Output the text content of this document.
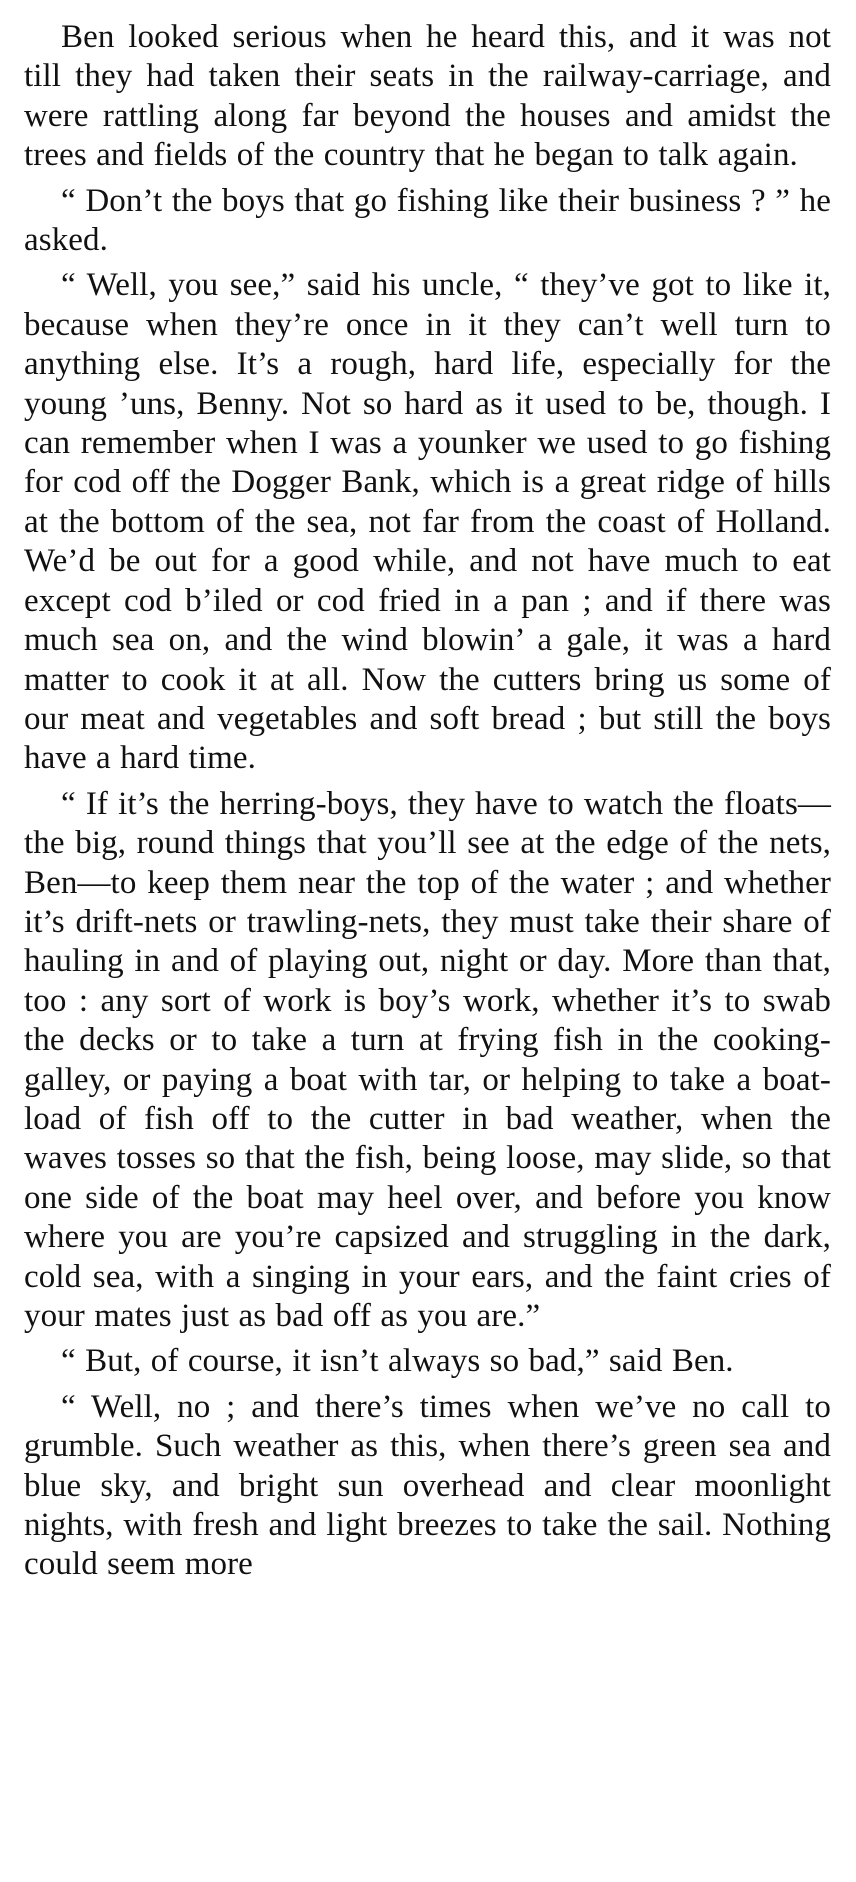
Ben looked serious when he heard this, and it was not till they had taken their seats in the railway-carriage, and were rattling along far beyond the houses and amidst the trees and fields of the country that he began to talk again.

“ Don’t the boys that go fishing like their business ? ” he asked.

“ Well, you see,” said his uncle, “ they’ve got to like it, because when they’re once in it they can’t well turn to anything else. It’s a rough, hard life, especially for the young ’uns, Benny. Not so hard as it used to be, though. I can remember when I was a younker we used to go fishing for cod off the Dogger Bank, which is a great ridge of hills at the bottom of the sea, not far from the coast of Holland. We’d be out for a good while, and not have much to eat except cod b’iled or cod fried in a pan ; and if there was much sea on, and the wind blowin’ a gale, it was a hard matter to cook it at all. Now the cutters bring us some of our meat and vegetables and soft bread ; but still the boys have a hard time.

“ If it’s the herring-boys, they have to watch the floats—the big, round things that you’ll see at the edge of the nets, Ben—to keep them near the top of the water ; and whether it’s drift-nets or trawling-nets, they must take their share of hauling in and of playing out, night or day. More than that, too : any sort of work is boy’s work, whether it’s to swab the decks or to take a turn at frying fish in the cooking-galley, or paying a boat with tar, or helping to take a boat-load of fish off to the cutter in bad weather, when the waves tosses so that the fish, being loose, may slide, so that one side of the boat may heel over, and before you know where you are you’re capsized and struggling in the dark, cold sea, with a singing in your ears, and the faint cries of your mates just as bad off as you are.”

“ But, of course, it isn’t always so bad,” said Ben.

“ Well, no ; and there’s times when we’ve no call to grumble. Such weather as this, when there’s green sea and blue sky, and bright sun overhead and clear moonlight nights, with fresh and light breezes to take the sail. Nothing could seem more
